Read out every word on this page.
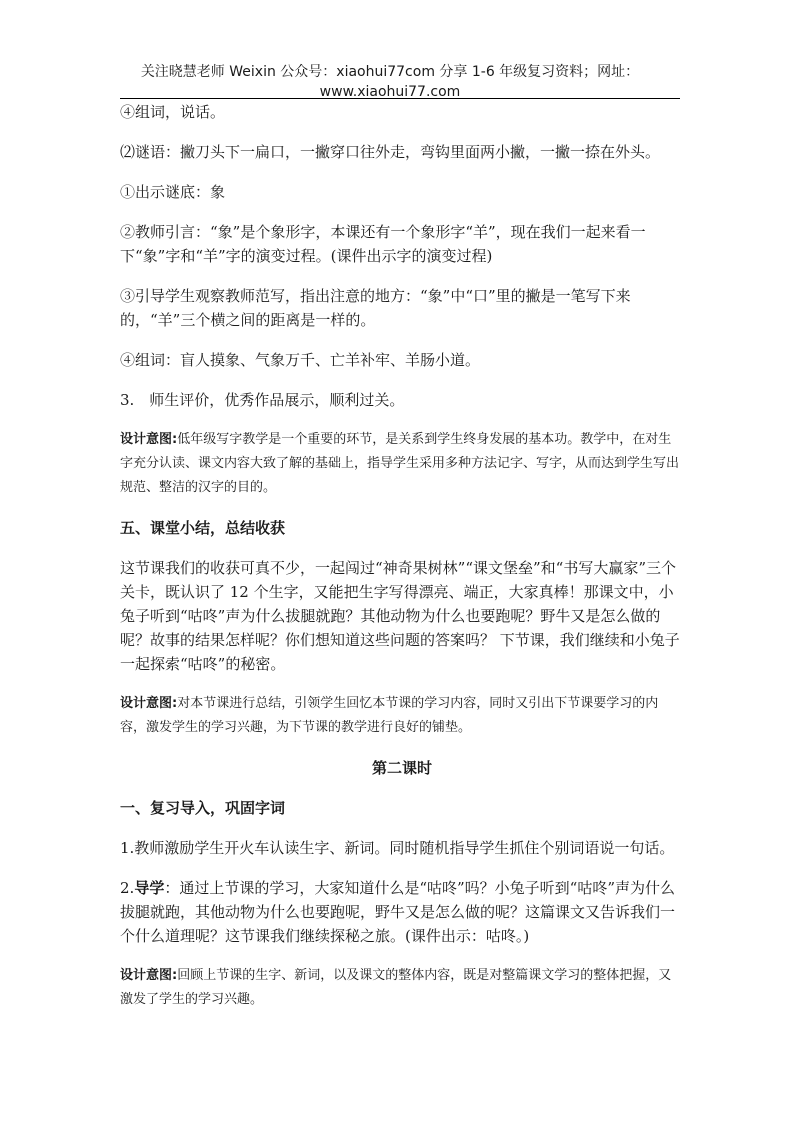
关注晓慧老师 Weixin 公众号：xiaohui77com 分享 1-6 年级复习资料；网址：
www.xiaohui77.com

④组词，说话。

⑵谜语：撇刀头下一扁口，一撇穿口往外走，弯钩里面两小撇，一撇一捺在外头。

①出示谜底：象

②教师引言：“象”是个象形字，本课还有一个象形字“羊”，现在我们一起来看一下“象”字和“羊”字的演变过程。(课件出示字的演变过程)

③引导学生观察教师范写，指出注意的地方：“象”中“口”里的撇是一笔写下来的，“羊”三个横之间的距离是一样的。

④组词：盲人摸象、气象万千、亡羊补牢、羊肠小道。

3.　师生评价，优秀作品展示，顺利过关。

设计意图:低年级写字教学是一个重要的环节，是关系到学生终身发展的基本功。教学中，在对生字充分认读、课文内容大致了解的基础上，指导学生采用多种方法记字、写字，从而达到学生写出规范、整洁的汉字的目的。

五、课堂小结，总结收获

这节课我们的收获可真不少，一起闯过“神奇果树林”“课文堡垒”和“书写大赢家”三个关卡，既认识了 12 个生字，又能把生字写得漂亮、端正，大家真棒！那课文中，小兔子听到“咕咚”声为什么拔腿就跑？其他动物为什么也要跑呢？野牛又是怎么做的呢？故事的结果怎样呢？你们想知道这些问题的答案吗？ 下节课，我们继续和小兔子一起探索“咕咚”的秘密。

设计意图:对本节课进行总结，引领学生回忆本节课的学习内容，同时又引出下节课要学习的内容，激发学生的学习兴趣，为下节课的教学进行良好的铺垫。

第二课时

一、复习导入，巩固字词

1.教师激励学生开火车认读生字、新词。同时随机指导学生抓住个别词语说一句话。

2.导学：通过上节课的学习，大家知道什么是“咕咚”吗？小兔子听到“咕咚”声为什么拔腿就跑，其他动物为什么也要跑呢，野牛又是怎么做的呢？这篇课文又告诉我们一个什么道理呢？这节课我们继续探秘之旅。(课件出示：咕咚。)

设计意图:回顾上节课的生字、新词，以及课文的整体内容，既是对整篇课文学习的整体把握，又激发了学生的学习兴趣。
